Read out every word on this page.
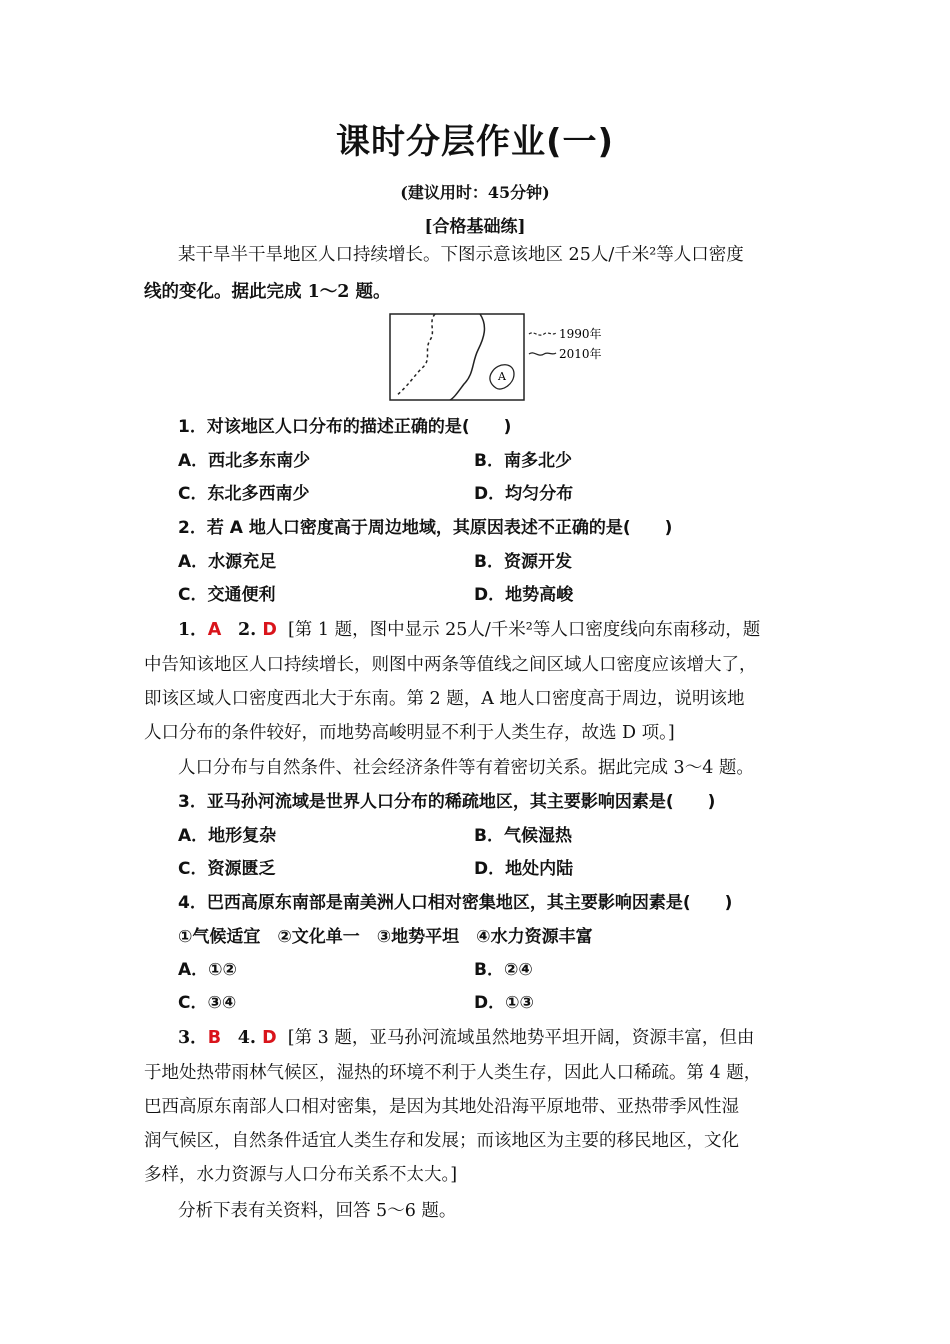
课时分层作业(一)
(建议用时：45分钟)
[合格基础练]
某干旱半干旱地区人口持续增长。下图示意该地区 25人/千米²等人口密度
线的变化。据此完成 1～2 题。
A
1990年
2010年
1．对该地区人口分布的描述正确的是(　　)
A．西北多东南少	B．南多北少
C．东北多西南少	D．均匀分布
2．若 A 地人口密度高于周边地域，其原因表述不正确的是(　　)
A．水源充足	B．资源开发
C．交通便利	D．地势高峻
1．A 2. D [第 1 题，图中显示 25人/千米²等人口密度线向东南移动，题
中告知该地区人口持续增长，则图中两条等值线之间区域人口密度应该增大了，
即该区域人口密度西北大于东南。第 2 题，A 地人口密度高于周边，说明该地
人口分布的条件较好，而地势高峻明显不利于人类生存，故选 D 项。]
人口分布与自然条件、社会经济条件等有着密切关系。据此完成 3～4 题。
3．亚马孙河流域是世界人口分布的稀疏地区，其主要影响因素是(　　)
A．地形复杂	B．气候湿热
C．资源匮乏	D．地处内陆
4．巴西高原东南部是南美洲人口相对密集地区，其主要影响因素是(　　)
①气候适宜　②文化单一　③地势平坦　④水力资源丰富
A．①②	B．②④
C．③④	D．①③
3．B 4. D [第 3 题，亚马孙河流域虽然地势平坦开阔，资源丰富，但由
于地处热带雨林气候区，湿热的环境不利于人类生存，因此人口稀疏。第 4 题，
巴西高原东南部人口相对密集，是因为其地处沿海平原地带、亚热带季风性湿
润气候区，自然条件适宜人类生存和发展；而该地区为主要的移民地区，文化
多样，水力资源与人口分布关系不太大。]
分析下表有关资料，回答 5～6 题。
